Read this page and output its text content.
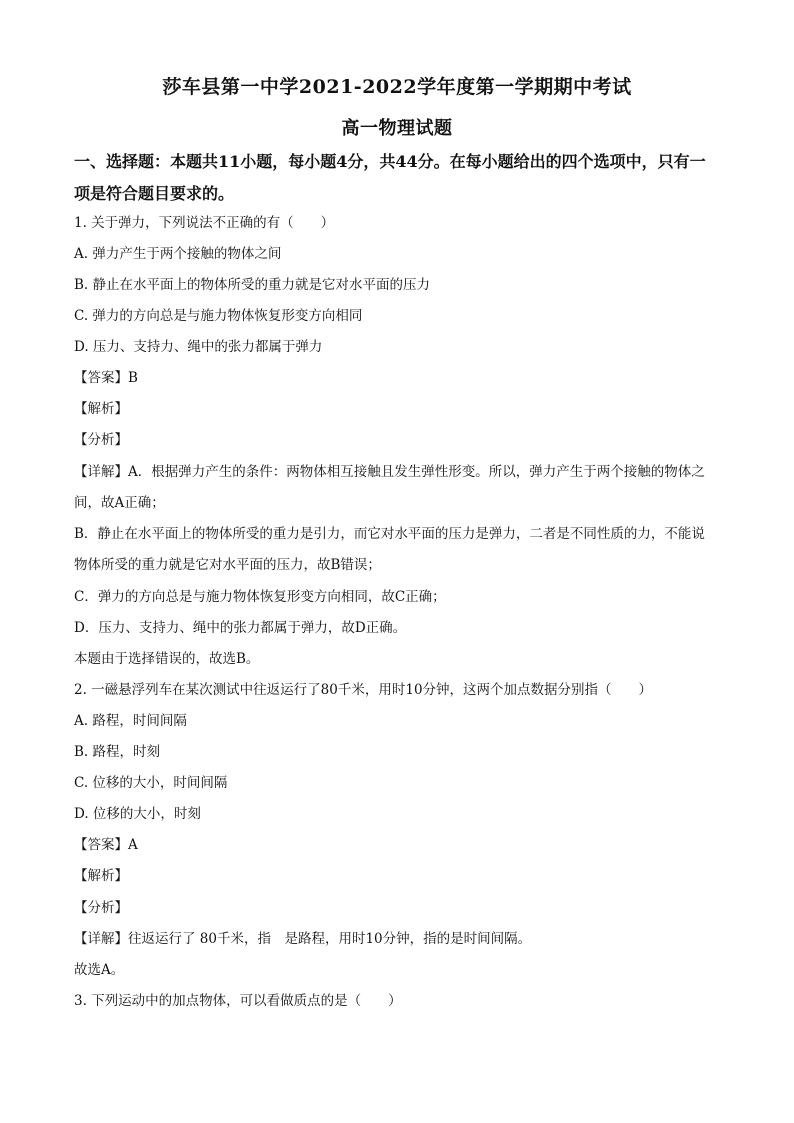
莎车县第一中学2021-2022学年度第一学期期中考试
高一物理试题
一、选择题：本题共11小题，每小题4分，共44分。在每小题给出的四个选项中，只有一
项是符合题目要求的。
1. 关于弹力，下列说法不正确的有（　　）
A. 弹力产生于两个接触的物体之间
B. 静止在水平面上的物体所受的重力就是它对水平面的压力
C. 弹力的方向总是与施力物体恢复形变方向相同
D. 压力、支持力、绳中的张力都属于弹力
【答案】B
【解析】
【分析】
【详解】A．根据弹力产生的条件：两物体相互接触且发生弹性形变。所以，弹力产生于两个接触的物体之
间，故A正确；
B．静止在水平面上的物体所受的重力是引力，而它对水平面的压力是弹力，二者是不同性质的力，不能说
物体所受的重力就是它对水平面的压力，故B错误；
C．弹力的方向总是与施力物体恢复形变方向相同，故C正确；
D．压力、支持力、绳中的张力都属于弹力，故D正确。
本题由于选择错误的，故选B。
2. 一磁悬浮列车在某次测试中往返运行了80千米，用时10分钟，这两个加点数据分别指（　　）
A. 路程，时间间隔
B. 路程，时刻
C. 位移的大小，时间间隔
D. 位移的大小，时刻
【答案】A
【解析】
【分析】
【详解】往返运行了 80千米，指　是路程，用时10分钟，指的是时间间隔。
故选A。
3. 下列运动中的加点物体，可以看做质点的是（　　）
